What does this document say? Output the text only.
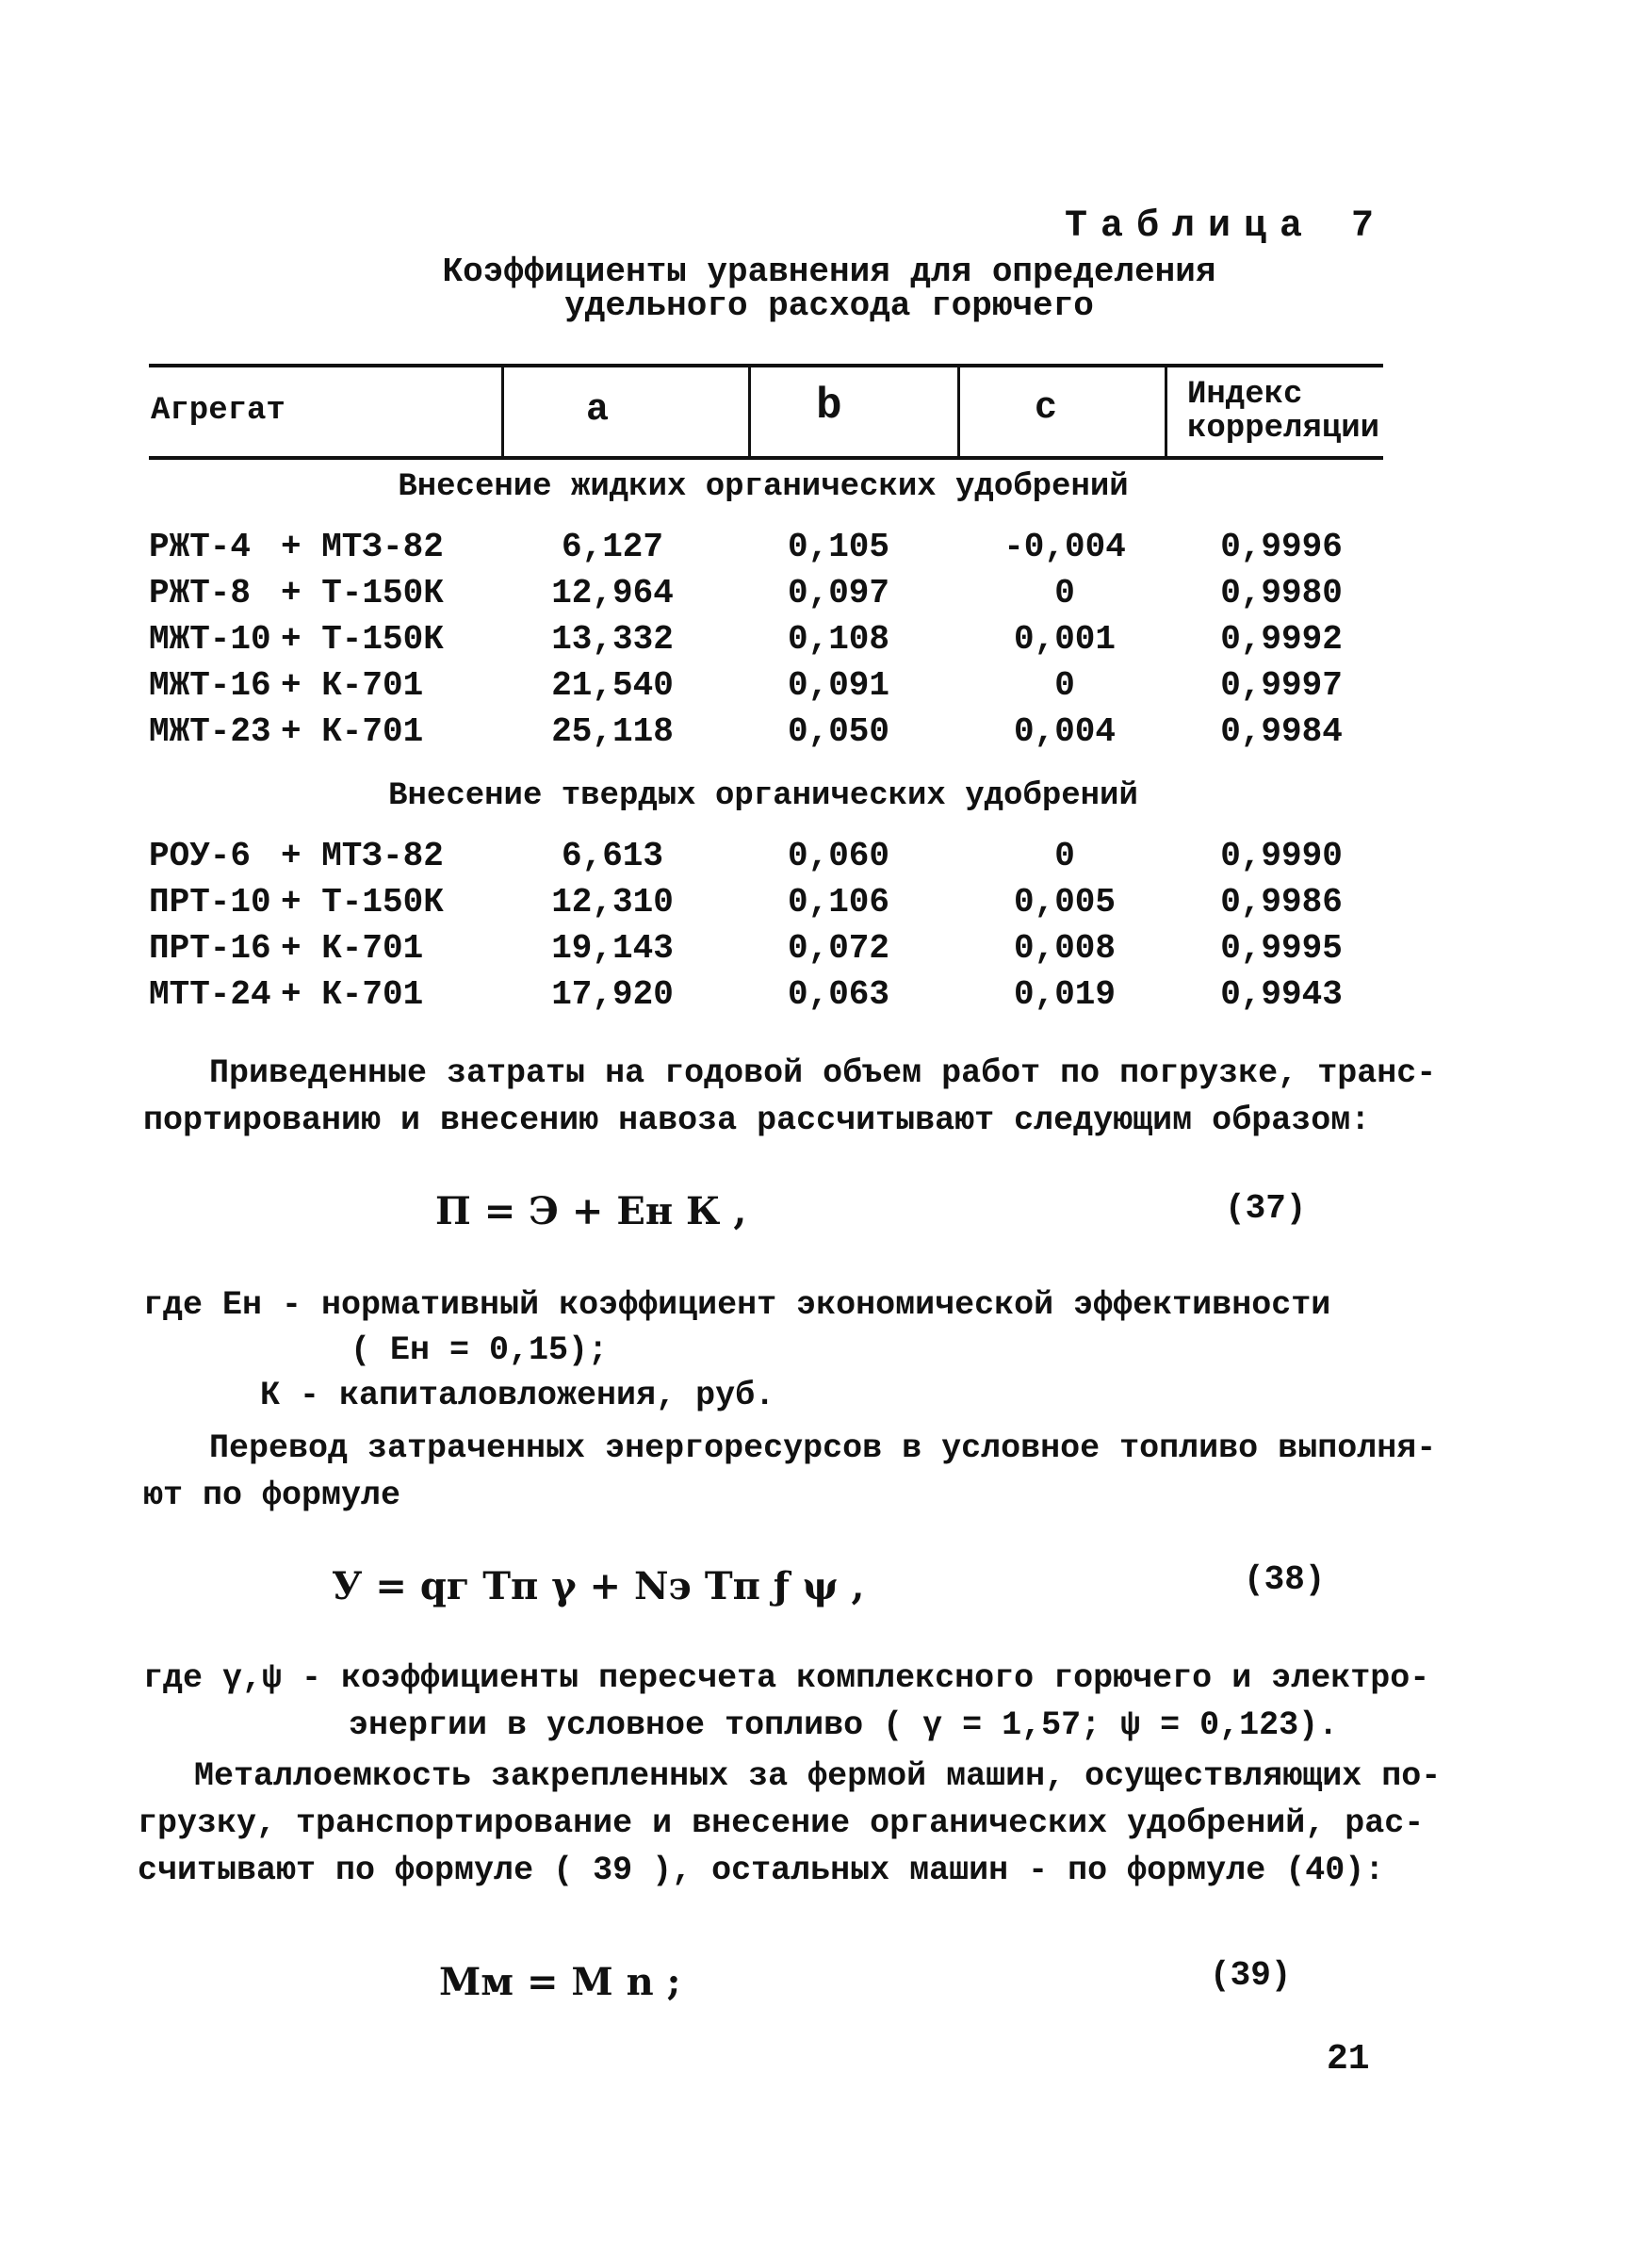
Таблица 7
Коэффициенты уравнения для определения
удельного расхода горючего
Агрегат	a	b	c	Индекс
корреляции
Внесение жидких органических удобрений
РЖТ-4 + МТЗ-82	6,127	0,105	-0,004	0,9996
РЖТ-8 + Т-150К	12,964	0,097	0	0,9980
МЖТ-10 + Т-150К	13,332	0,108	0,001	0,9992
МЖТ-16 + К-701	21,540	0,091	0	0,9997
МЖТ-23 + К-701	25,118	0,050	0,004	0,9984
Внесение твердых органических удобрений
РОУ-6 + МТЗ-82	6,613	0,060	0	0,9990
ПРТ-10 + Т-150К	12,310	0,106	0,005	0,9986
ПРТ-16 + К-701	19,143	0,072	0,008	0,9995
МТТ-24 + К-701	17,920	0,063	0,019	0,9943
Приведенные затраты на годовой объем работ по погрузке, транс-
портированию и внесению навоза рассчитывают следующим образом:
П = Э + Eн К ,	(37)
где Ен - нормативный коэффициент экономической эффективности
( Ен = 0,15);
К - капиталовложения, руб.
Перевод затраченных энергоресурсов в условное топливо выполня-
ют по формуле
У = qг Тп γ + Nэ Тп ƒ ψ ,	(38)
где γ,ψ - коэффициенты пересчета комплексного горючего и электро-
энергии в условное топливо ( γ = 1,57; ψ = 0,123).
Металлоемкость закрепленных за фермой машин, осуществляющих по-
грузку, транспортирование и внесение органических удобрений, рас-
считывают по формуле ( 39 ), остальных машин - по формуле (40):
Мм = М n ;	(39)
21
